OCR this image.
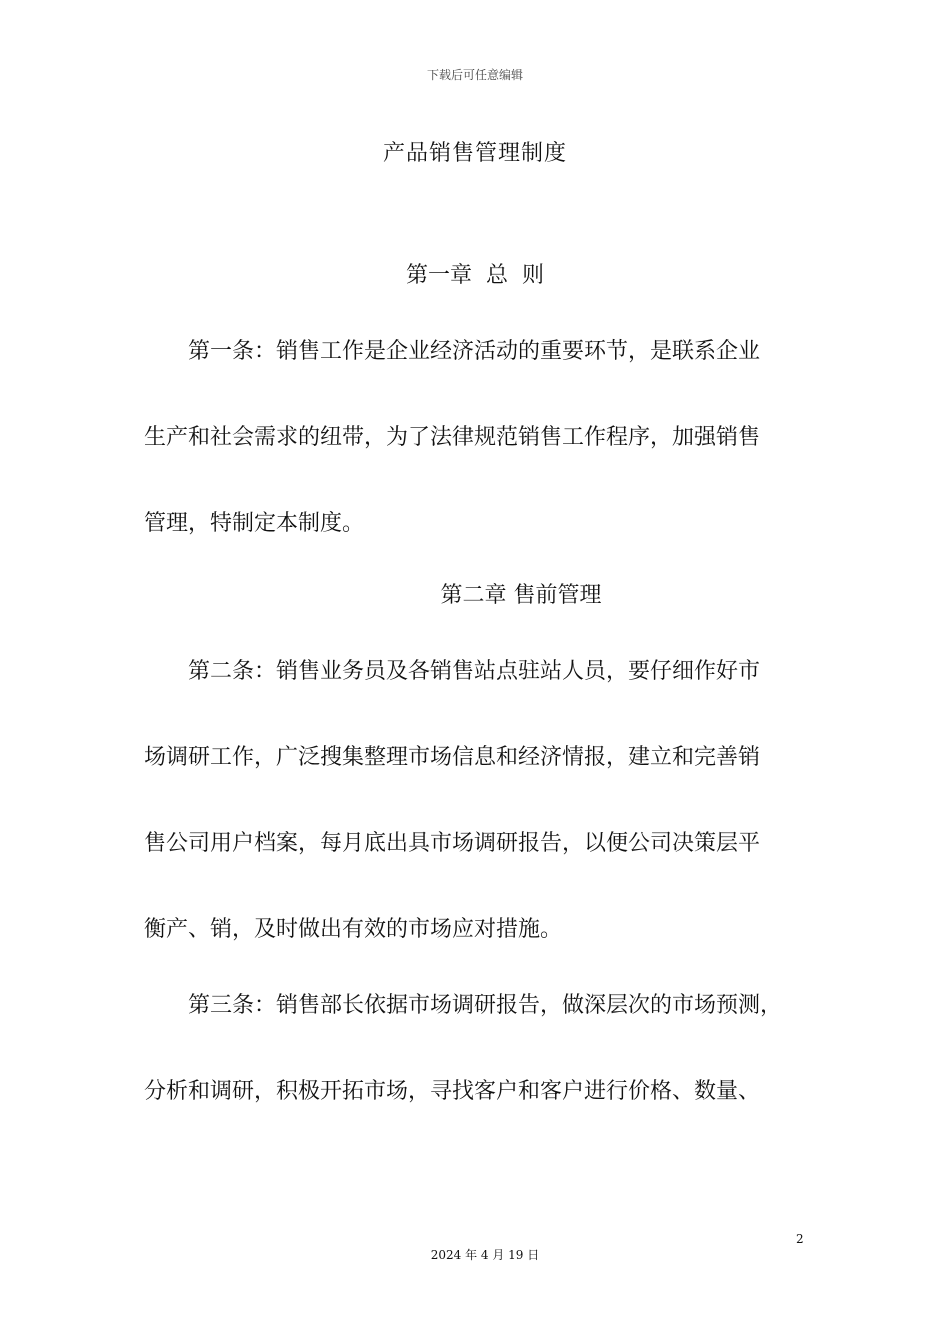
下载后可任意编辑
产品销售管理制度
第一章 总 则
第一条：销售工作是企业经济活动的重要环节，是联系企业
生产和社会需求的纽带，为了法律规范销售工作程序，加强销售
管理，特制定本制度。
第二章 售前管理
第二条：销售业务员及各销售站点驻站人员，要仔细作好市
场调研工作，广泛搜集整理市场信息和经济情报，建立和完善销
售公司用户档案，每月底出具市场调研报告，以便公司决策层平
衡产、销，及时做出有效的市场应对措施。
第三条：销售部长依据市场调研报告，做深层次的市场预测，
分析和调研，积极开拓市场，寻找客户和客户进行价格、数量、
2
2024 年 4 月 19 日
